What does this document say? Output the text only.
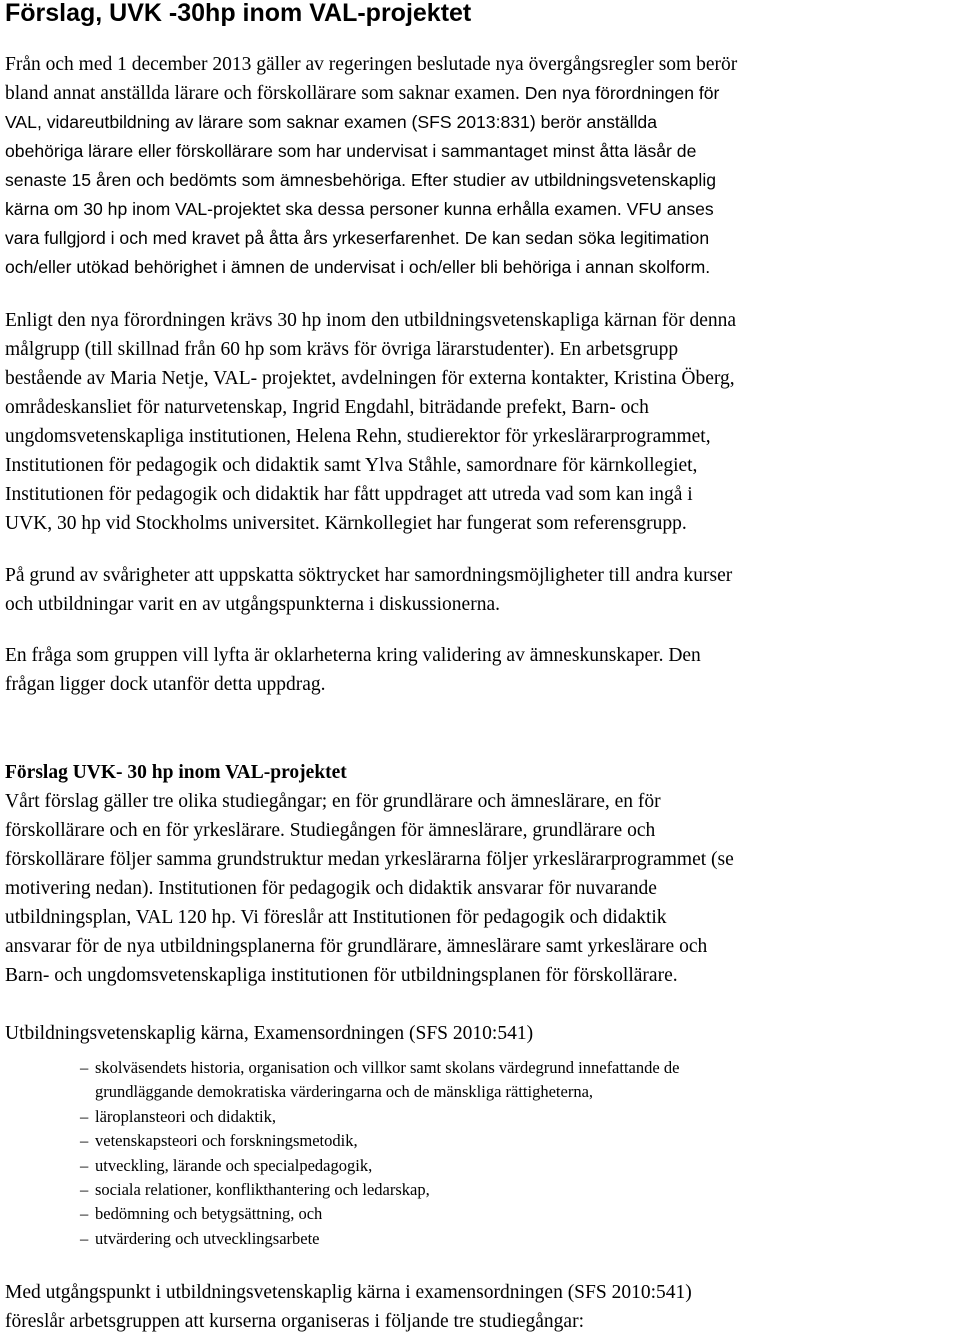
Förslag, UVK -30hp inom VAL-projektet
Från och med 1 december 2013 gäller av regeringen beslutade nya övergångsregler som berör
bland annat anställda lärare och förskollärare som saknar examen. Den nya förordningen för
VAL, vidareutbildning av lärare som saknar examen (SFS 2013:831) berör anställda
obehöriga lärare eller förskollärare som har undervisat i sammantaget minst åtta läsår de
senaste 15 åren och bedömts som ämnesbehöriga. Efter studier av utbildningsvetenskaplig
kärna om 30 hp inom VAL-projektet ska dessa personer kunna erhålla examen. VFU anses
vara fullgjord i och med kravet på åtta års yrkeserfarenhet. De kan sedan söka legitimation
och/eller utökad behörighet i ämnen de undervisat i och/eller bli behöriga i annan skolform.
Enligt den nya förordningen krävs 30 hp inom den utbildningsvetenskapliga kärnan för denna
målgrupp (till skillnad från 60 hp som krävs för övriga lärarstudenter). En arbetsgrupp
bestående av Maria Netje, VAL- projektet, avdelningen för externa kontakter, Kristina Öberg,
områdeskansliet för naturvetenskap, Ingrid Engdahl, biträdande prefekt, Barn- och
ungdomsvetenskapliga institutionen, Helena Rehn, studierektor för yrkeslärarprogrammet,
Institutionen för pedagogik och didaktik samt Ylva Ståhle, samordnare för kärnkollegiet,
Institutionen för pedagogik och didaktik har fått uppdraget att utreda vad som kan ingå i
UVK, 30 hp vid Stockholms universitet. Kärnkollegiet har fungerat som referensgrupp.
På grund av svårigheter att uppskatta söktrycket har samordningsmöjligheter till andra kurser
och utbildningar varit en av utgångspunkterna i diskussionerna.
En fråga som gruppen vill lyfta är oklarheterna kring validering av ämneskunskaper. Den
frågan ligger dock utanför detta uppdrag.
Förslag UVK- 30 hp inom VAL-projektet
Vårt förslag gäller tre olika studiegångar; en för grundlärare och ämneslärare, en för
förskollärare och en för yrkeslärare. Studiegången för ämneslärare, grundlärare och
förskollärare följer samma grundstruktur medan yrkeslärarna följer yrkeslärarprogrammet (se
motivering nedan). Institutionen för pedagogik och didaktik ansvarar för nuvarande
utbildningsplan, VAL 120 hp. Vi föreslår att Institutionen för pedagogik och didaktik
ansvarar för de nya utbildningsplanerna för grundlärare, ämneslärare samt yrkeslärare och
Barn- och ungdomsvetenskapliga institutionen för utbildningsplanen för förskollärare.
Utbildningsvetenskaplig kärna, Examensordningen (SFS 2010:541)
– skolväsendets historia, organisation och villkor samt skolans värdegrund innefattande de
grundläggande demokratiska värderingarna och de mänskliga rättigheterna,
– läroplansteori och didaktik,
– vetenskapsteori och forskningsmetodik,
– utveckling, lärande och specialpedagogik,
– sociala relationer, konflikthantering och ledarskap,
– bedömning och betygsättning, och
– utvärdering och utvecklingsarbete
Med utgångspunkt i utbildningsvetenskaplig kärna i examensordningen (SFS 2010:541)
föreslår arbetsgruppen att kurserna organiseras i följande tre studiegångar:
